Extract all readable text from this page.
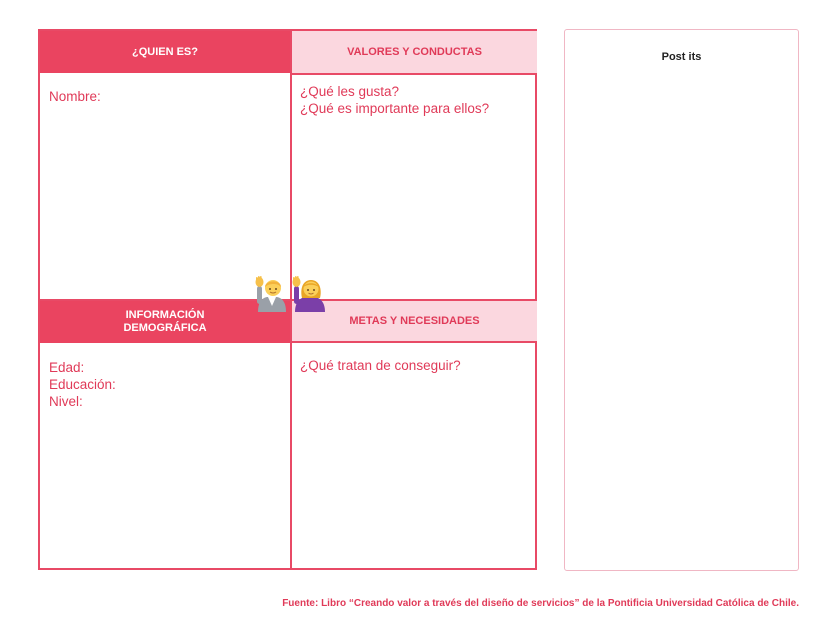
¿QUIEN ES?	VALORES Y CONDUCTAS
INFORMACIÓN
DEMOGRÁFICA
METAS Y NECESIDADES
Nombre:	¿Qué les gusta?
¿Qué es importante para ellos?
Edad:
Educación:
Nivel:
¿Qué tratan de conseguir?
Post its
Fuente: Libro “Creando valor a través del diseño de servicios” de la Pontificia Universidad Católica de Chile.
